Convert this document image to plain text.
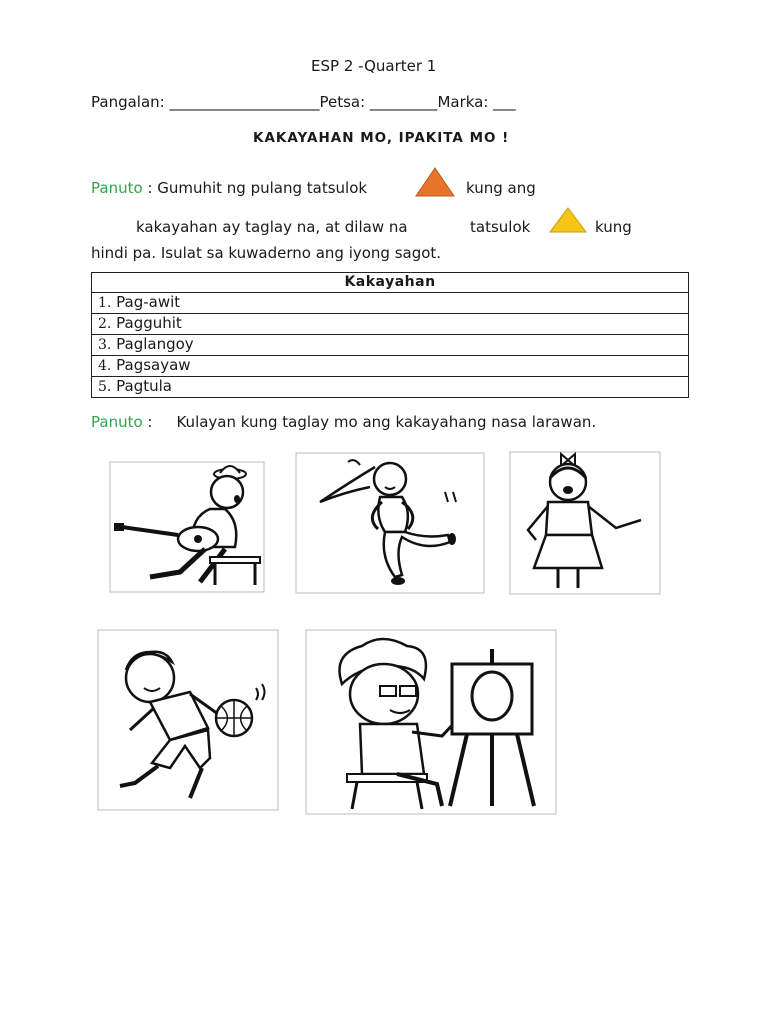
ESP 2 -Quarter 1
Pangalan: ____________________Petsa: _________Marka: ___
KAKAYAHAN MO, IPAKITA MO !
Panuto : Gumuhit ng pulang tatsulok	kung ang
kakayahan ay taglay na, at dilaw na	tatsulok	kung
hindi pa. Isulat sa kuwaderno ang iyong sagot.
Kakayahan
1. Pag-awit
2. Pagguhit
3. Paglangoy
4. Pagsayaw
5. Pagtula
Panuto : Kulayan kung taglay mo ang kakayahang nasa larawan.
